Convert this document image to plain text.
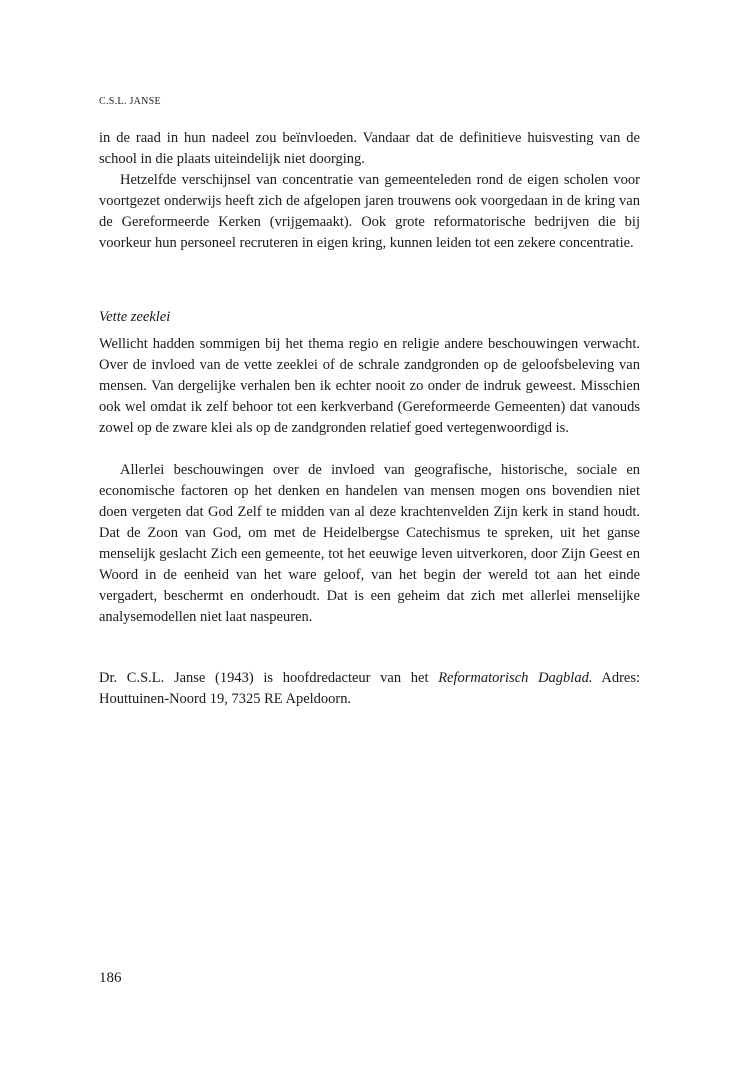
C.S.L. JANSE

in de raad in hun nadeel zou beïnvloeden. Vandaar dat de definitieve huisvesting van de school in die plaats uiteindelijk niet doorging.

Hetzelfde verschijnsel van concentratie van gemeenteleden rond de eigen scholen voor voortgezet onderwijs heeft zich de afgelopen jaren trouwens ook voorgedaan in de kring van de Gereformeerde Kerken (vrijgemaakt). Ook grote reformatorische bedrijven die bij voorkeur hun personeel recruteren in eigen kring, kunnen leiden tot een zekere concentratie.

Vette zeeklei

Wellicht hadden sommigen bij het thema regio en religie andere beschouwingen verwacht. Over de invloed van de vette zeeklei of de schrale zandgronden op de geloofsbeleving van mensen. Van dergelijke verhalen ben ik echter nooit zo onder de indruk geweest. Misschien ook wel omdat ik zelf behoor tot een kerkverband (Gereformeerde Gemeenten) dat vanouds zowel op de zware klei als op de zandgronden relatief goed vertegenwoordigd is.

Allerlei beschouwingen over de invloed van geografische, historische, sociale en economische factoren op het denken en handelen van mensen mogen ons bovendien niet doen vergeten dat God Zelf te midden van al deze krachtenvelden Zijn kerk in stand houdt. Dat de Zoon van God, om met de Heidelbergse Catechismus te spreken, uit het ganse menselijk geslacht Zich een gemeente, tot het eeuwige leven uitverkoren, door Zijn Geest en Woord in de eenheid van het ware geloof, van het begin der wereld tot aan het einde vergadert, beschermt en onderhoudt. Dat is een geheim dat zich met allerlei menselijke analysemodellen niet laat naspeuren.

Dr. C.S.L. Janse (1943) is hoofdredacteur van het Reformatorisch Dagblad. Adres: Houttuinen-Noord 19, 7325 RE Apeldoorn.

186
